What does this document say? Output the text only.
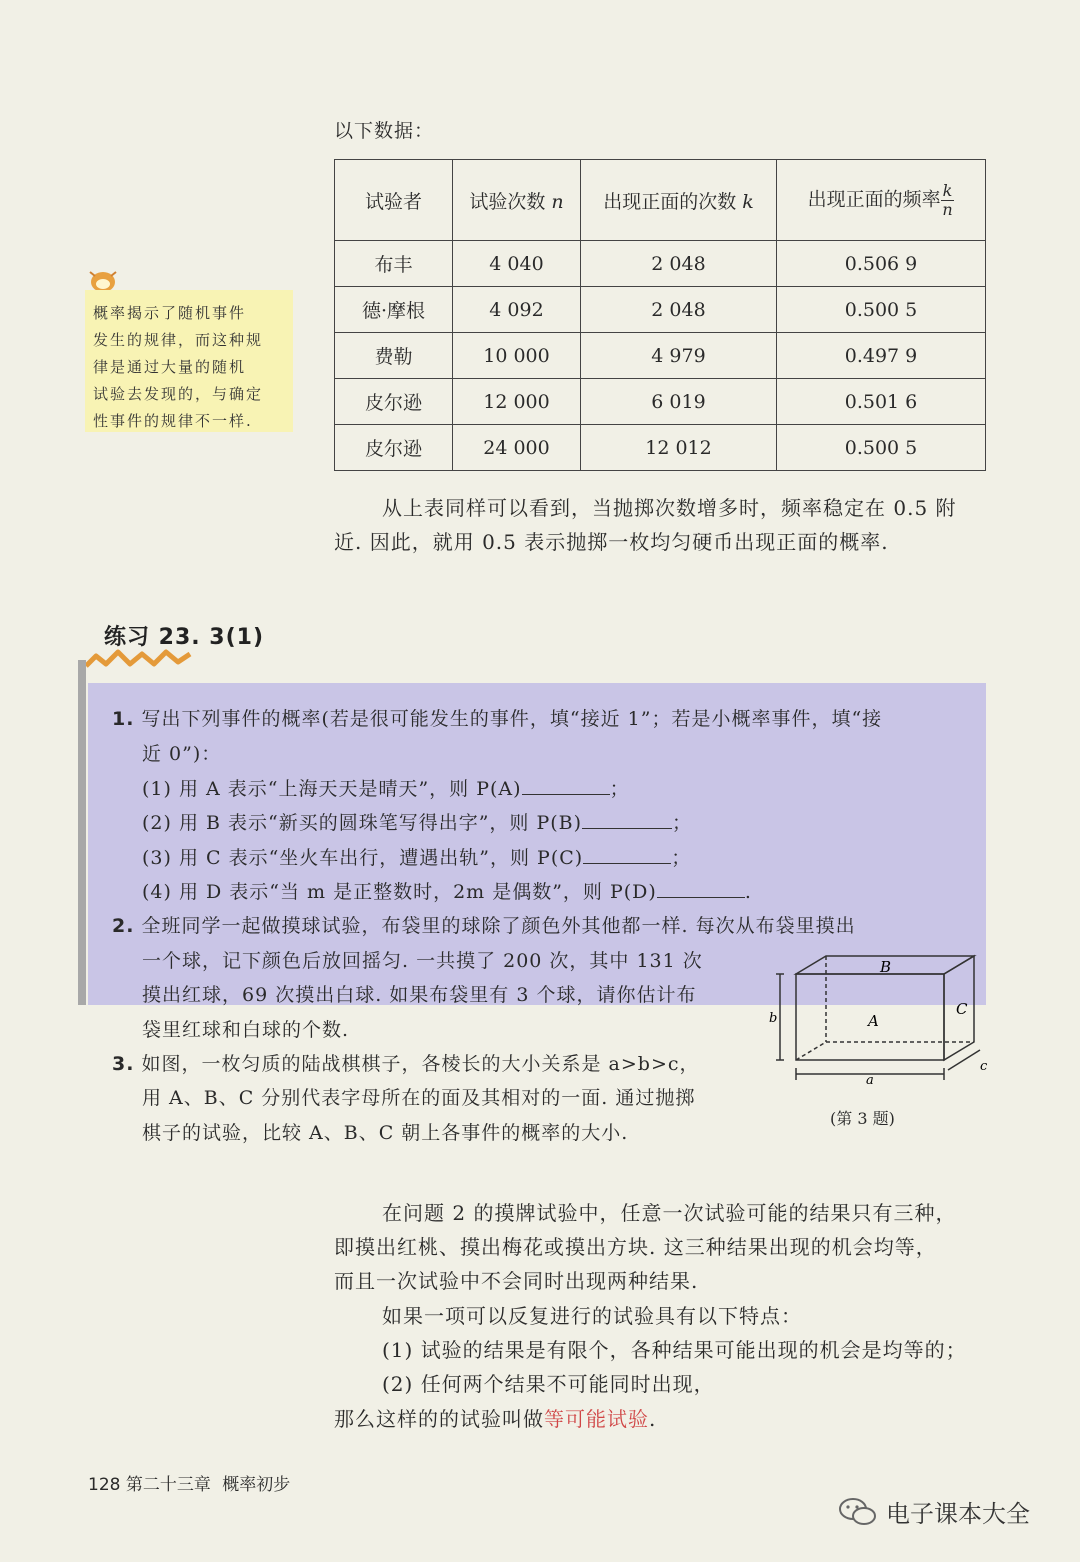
以下数据：
试验者	试验次数 n	出现正面的次数 k	出现正面的频率 $\frac{k}{n}$

布丰	4 040	2 048	0.506 9
德·摩根	4 092	2 048	0.500 5
费勒	10 000	4 979	0.497 9
皮尔逊	12 000	6 019	0.501 6
皮尔逊	24 000	12 012	0.500 5
概率揭示了随机事件
发生的规律，而这种规
律是通过大量的随机
试验去发现的，与确定
性事件的规律不一样.
从上表同样可以看到，当抛掷次数增多时，频率稳定在 0.5 附
近. 因此，就用 0.5 表示抛掷一枚均匀硬币出现正面的概率.
练习 23. 3(1)
1. 写出下列事件的概率(若是很可能发生的事件，填“接近 1”；若是小概率事件，填“接
近 0”)：
(1) 用 A 表示“上海天天是晴天”，则 P(A)	；
(2) 用 B 表示“新买的圆珠笔写得出字”，则 P(B)	；
(3) 用 C 表示“坐火车出行，遭遇出轨”，则 P(C)	；
(4) 用 D 表示“当 m 是正整数时，2m 是偶数”，则 P(D)	.
2. 全班同学一起做摸球试验，布袋里的球除了颜色外其他都一样. 每次从布袋里摸出
一个球，记下颜色后放回摇匀. 一共摸了 200 次，其中 131 次
摸出红球，69 次摸出白球. 如果布袋里有 3 个球，请你估计布
袋里红球和白球的个数.
3. 如图，一枚匀质的陆战棋棋子，各棱长的大小关系是 a>b>c，
用 A、B、C 分别代表字母所在的面及其相对的一面. 通过抛掷
棋子的试验，比较 A、B、C 朝上各事件的概率的大小.
B
A
C
b
a
c
(第 3 题)
在问题 2 的摸牌试验中，任意一次试验可能的结果只有三种，
即摸出红桃、摸出梅花或摸出方块. 这三种结果出现的机会均等，
而且一次试验中不会同时出现两种结果.
如果一项可以反复进行的试验具有以下特点：
(1) 试验的结果是有限个，各种结果可能出现的机会是均等的；
(2) 任何两个结果不可能同时出现，
那么这样的的试验叫做等可能试验.
128 第二十三章 概率初步
电子课本大全
